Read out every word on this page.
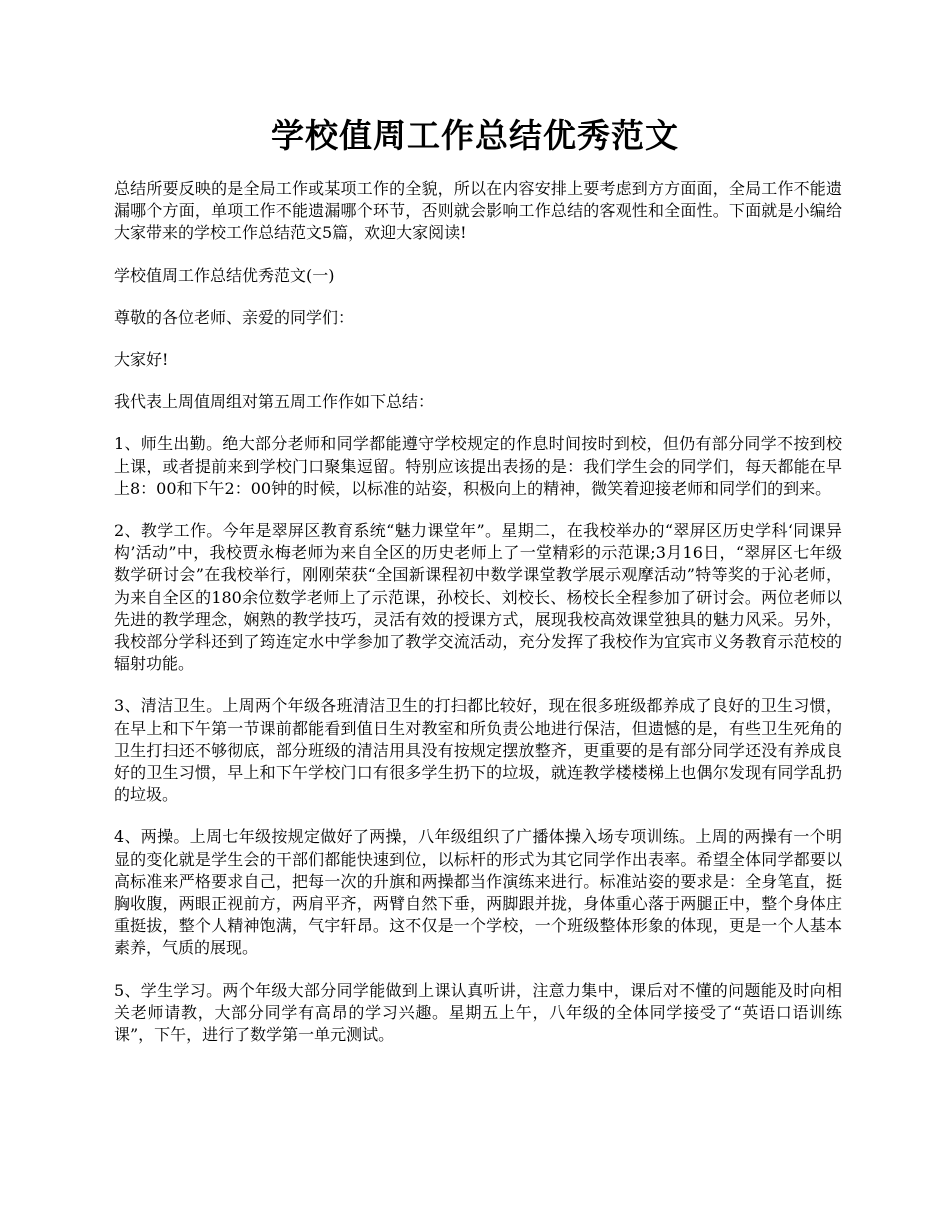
学校值周工作总结优秀范文

总结所要反映的是全局工作或某项工作的全貌，所以在内容安排上要考虑到方方面面，全局工作不能遗漏哪个方面，单项工作不能遗漏哪个环节，否则就会影响工作总结的客观性和全面性。下面就是小编给大家带来的学校工作总结范文5篇，欢迎大家阅读!

学校值周工作总结优秀范文(一)

尊敬的各位老师、亲爱的同学们：

大家好!

我代表上周值周组对第五周工作作如下总结：

1、师生出勤。绝大部分老师和同学都能遵守学校规定的作息时间按时到校，但仍有部分同学不按到校上课，或者提前来到学校门口聚集逗留。特别应该提出表扬的是：我们学生会的同学们，每天都能在早上8：00和下午2：00钟的时候，以标准的站姿，积极向上的精神，微笑着迎接老师和同学们的到来。

2、教学工作。今年是翠屏区教育系统“魅力课堂年”。星期二，在我校举办的“翠屏区历史学科‘同课异构’活动”中，我校贾永梅老师为来自全区的历史老师上了一堂精彩的示范课;3月16日，“翠屏区七年级数学研讨会”在我校举行，刚刚荣获“全国新课程初中数学课堂教学展示观摩活动”特等奖的于沁老师，为来自全区的180余位数学老师上了示范课，孙校长、刘校长、杨校长全程参加了研讨会。两位老师以先进的教学理念，娴熟的教学技巧，灵活有效的授课方式，展现我校高效课堂独具的魅力风采。另外，我校部分学科还到了筠连定水中学参加了教学交流活动，充分发挥了我校作为宜宾市义务教育示范校的辐射功能。

3、清洁卫生。上周两个年级各班清洁卫生的打扫都比较好，现在很多班级都养成了良好的卫生习惯，在早上和下午第一节课前都能看到值日生对教室和所负责公地进行保洁，但遗憾的是，有些卫生死角的卫生打扫还不够彻底，部分班级的清洁用具没有按规定摆放整齐，更重要的是有部分同学还没有养成良好的卫生习惯，早上和下午学校门口有很多学生扔下的垃圾，就连教学楼楼梯上也偶尔发现有同学乱扔的垃圾。

4、两操。上周七年级按规定做好了两操，八年级组织了广播体操入场专项训练。上周的两操有一个明显的变化就是学生会的干部们都能快速到位，以标杆的形式为其它同学作出表率。希望全体同学都要以高标准来严格要求自己，把每一次的升旗和两操都当作演练来进行。标准站姿的要求是：全身笔直，挺胸收腹，两眼正视前方，两肩平齐，两臂自然下垂，两脚跟并拢，身体重心落于两腿正中，整个身体庄重挺拔，整个人精神饱满，气宇轩昂。这不仅是一个学校，一个班级整体形象的体现，更是一个人基本素养，气质的展现。

5、学生学习。两个年级大部分同学能做到上课认真听讲，注意力集中，课后对不懂的问题能及时向相关老师请教，大部分同学有高昂的学习兴趣。星期五上午，八年级的全体同学接受了“英语口语训练课”，下午，进行了数学第一单元测试。
